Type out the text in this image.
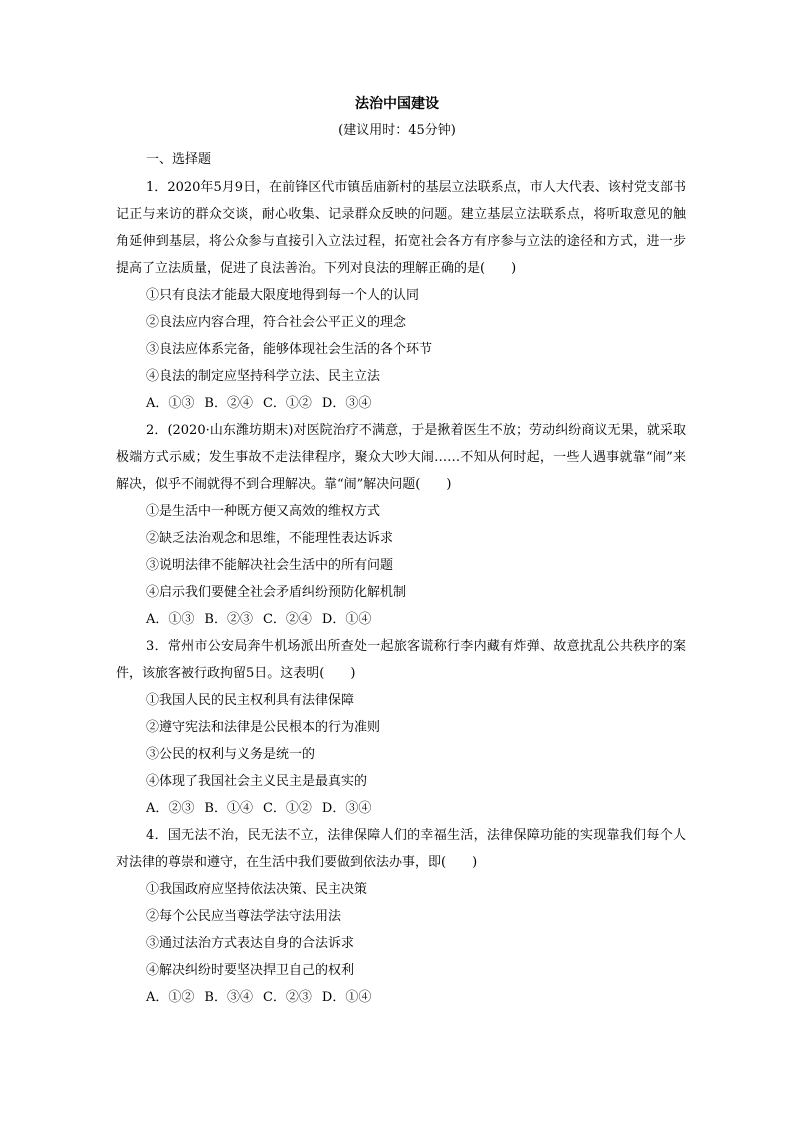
法治中国建设
(建议用时：45分钟)
一、选择题
1．2020年5月9日，在前锋区代市镇岳庙新村的基层立法联系点，市人大代表、该村党支部书记正与来访的群众交谈，耐心收集、记录群众反映的问题。建立基层立法联系点，将听取意见的触角延伸到基层，将公众参与直接引入立法过程，拓宽社会各方有序参与立法的途径和方式，进一步提高了立法质量，促进了良法善治。下列对良法的理解正确的是(　　)
①只有良法才能最大限度地得到每一个人的认同
②良法应内容合理，符合社会公平正义的理念
③良法应体系完备，能够体现社会生活的各个环节
④良法的制定应坚持科学立法、民主立法
A．①③ B．②④ C．①② D．③④
2．(2020·山东潍坊期末)对医院治疗不满意，于是揪着医生不放；劳动纠纷商议无果，就采取极端方式示威；发生事故不走法律程序，聚众大吵大闹……不知从何时起，一些人遇事就靠“闹”来解决，似乎不闹就得不到合理解决。靠“闹”解决问题(　　)
①是生活中一种既方便又高效的维权方式
②缺乏法治观念和思维，不能理性表达诉求
③说明法律不能解决社会生活中的所有问题
④启示我们要健全社会矛盾纠纷预防化解机制
A．①③ B．②③ C．②④ D．①④
3．常州市公安局奔牛机场派出所查处一起旅客谎称行李内藏有炸弹、故意扰乱公共秩序的案件，该旅客被行政拘留5日。这表明(　　)
①我国人民的民主权利具有法律保障
②遵守宪法和法律是公民根本的行为准则
③公民的权利与义务是统一的
④体现了我国社会主义民主是最真实的
A．②③ B．①④ C．①② D．③④
4．国无法不治，民无法不立，法律保障人们的幸福生活，法律保障功能的实现靠我们每个人对法律的尊崇和遵守，在生活中我们要做到依法办事，即(　　)
①我国政府应坚持依法决策、民主决策
②每个公民应当尊法学法守法用法
③通过法治方式表达自身的合法诉求
④解决纠纷时要坚决捍卫自己的权利
A．①② B．③④ C．②③ D．①④
